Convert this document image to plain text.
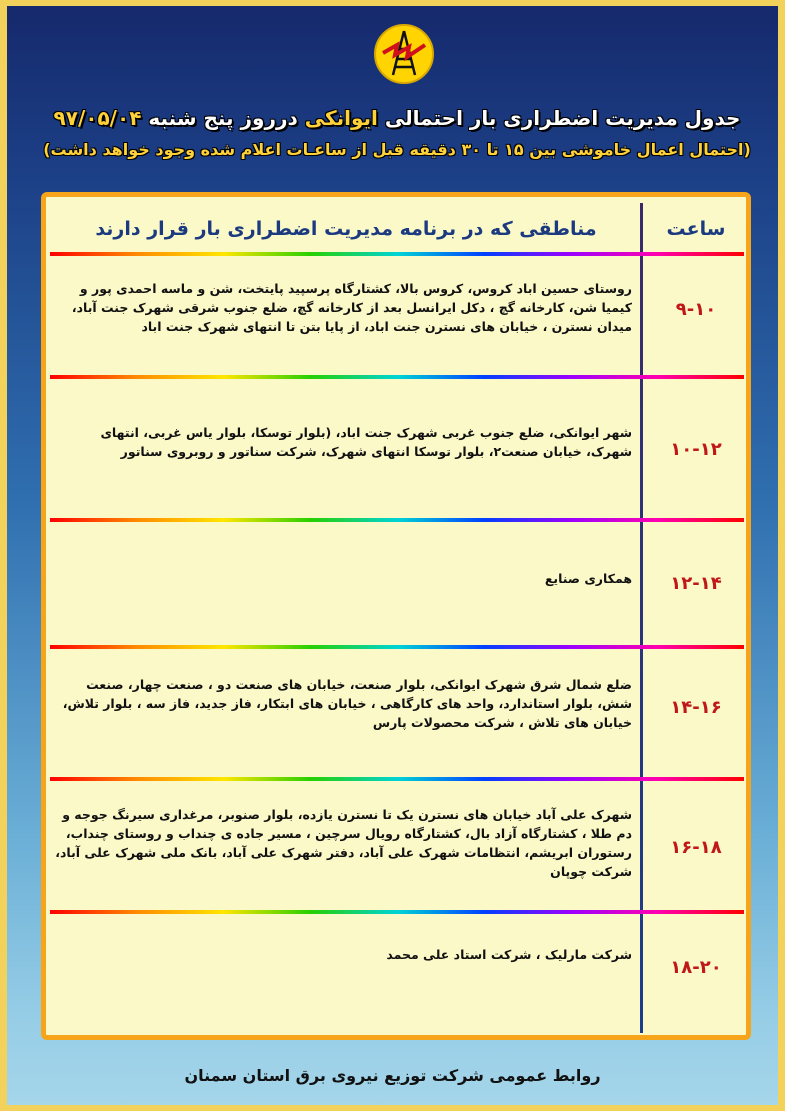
جدول مدیریت اضطراری بار احتمالی ایوانکی درروز پنج شنبه ۹۷/۰۵/۰۴
(احتمال اعمال خاموشی بین ۱۵ تا ۳۰ دقیقه قبل از ساعـات اعلام شده وجود خواهد داشت)
ساعت
مناطقی که در برنامه مدیریت اضطراری بار قرار دارند
روستای حسین اباد کروس، کروس بالا، کشتارگاه پرسپید پایتخت، شن و ماسه احمدی پور و کیمیا شن، کارخانه گچ ، دکل ایرانسل بعد از کارخانه گچ، ضلع جنوب شرقی شهرک جنت آباد، میدان نسترن ، خیابان های نسترن جنت اباد، از پایا بتن تا انتهای شهرک جنت اباد
۹-۱۰
شهر ایوانکی، ضلع جنوب غربی شهرک جنت اباد، (بلوار توسکا، بلوار یاس غربی، انتهای شهرک، خیابان صنعت۲، بلوار توسکا انتهای شهرک، شرکت سناتور و روبروی سناتور	۱۰-۱۲
همکاری صنایع	۱۲-۱۴
ضلع شمال شرق شهرک ایوانکی، بلوار صنعت، خیابان های صنعت دو ، صنعت چهار، صنعت شش، بلوار استاندارد، واحد های کارگاهی ، خیابان های ابتکار، فاز جدید، فاز سه ، بلوار تلاش، خیابان های تلاش ، شرکت محصولات پارس
۱۴-۱۶
شهرک علی آباد خیابان های نسترن یک تا نسترن یازده، بلوار صنوبر، مرغداری سیرنگ جوجه و دم طلا ، کشتارگاه آزاد بال، کشتارگاه رویال سرچین ، مسیر جاده ی چنداب و روستای چنداب، رستوران ابریشم، انتظامات شهرک علی آباد، دفتر شهرک علی آباد، بانک ملی شهرک علی آباد، شرکت چوپان
۱۶-۱۸
شرکت مارلیک ، شرکت استاد علی محمد
۱۸-۲۰
روابط عمومی شرکت توزیع نیروی برق استان سمنان
